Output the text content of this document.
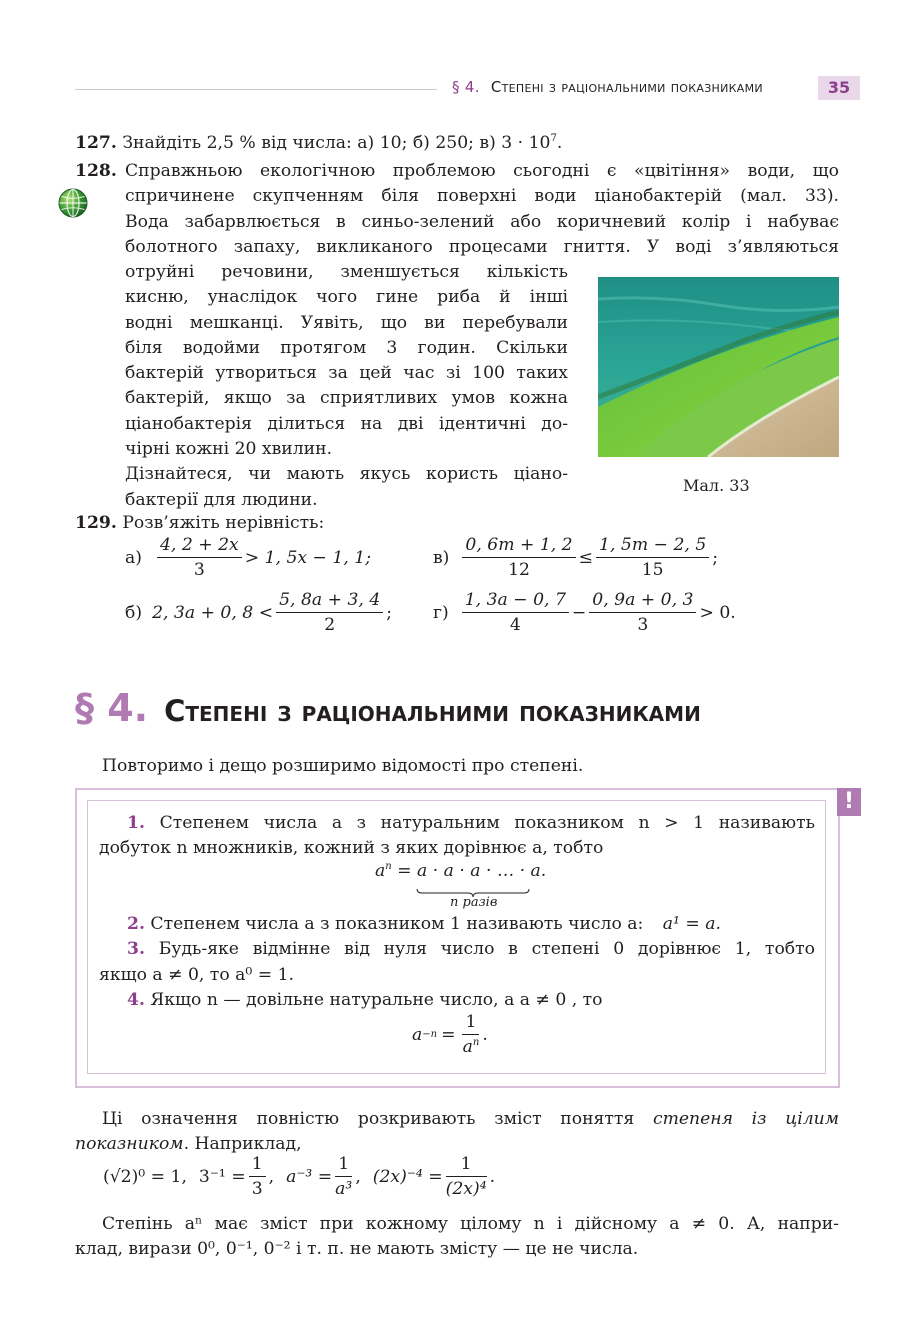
§ 4. Степені з раціональними показниками	35
127. Знайдіть 2,5 % від числа: а) 10; б) 250; в) $3 \cdot 10^7$.
128. Справжньою екологічною проблемою сьогодні є «цвітіння» води, що
спричинене скупченням біля поверхні води ціанобактерій (мал. 33).
Вода забарвлюється в синьо-зелений або коричневий колір і набуває
болотного запаху, викликаного процесами гниття. У воді з’являються
отруйні речовини, зменшується кількість
кисню, унаслідок чого гине риба й інші
водні мешканці. Уявіть, що ви перебували
біля водойми протягом 3 годин. Скільки
бактерій утвориться за цей час зі 100 таких
бактерій, якщо за сприятливих умов кожна
ціанобактерія ділиться на дві ідентичні до-
чірні кожні 20 хвилин.
Дізнайтеся, чи мають якусь користь ціано-
бактерії для людини.
Мал. 33
129. Розв’яжіть нерівність:
$а) \frac{4, 2 + 2x}{3} > 1$, 5x − 1, 1;
б) 2, 3a + 0, $8 < \frac{5, 8a + 3, 4}{2}$ ;
$в) \frac{0, 6m + 1, 2}{12} \le \frac{1, 5m - 2, 5}{15}$ ;
$г) \frac{1, 3a - 0, 7}{4} - \frac{0, 9a + 0, 3}{3} > 0$.
§ 4. Степені з раціональними показниками
Повторимо і дещо розширимо відомості про степені.
!
1. Степенем числа a з натуральним показником n > 1 називають
добуток n множників, кожний з яких дорівнює a, тобто
$a^n = a \cdot a \cdot a$ · … · a.
n разів
2. Степенем числа a з показником 1 називають число a: a¹ = a.
3. Будь-яке відмінне від нуля число в степені 0 дорівнює 1, тобто
якщо a ≠ 0, то a⁰ = 1.
4. Якщо n — довільне натуральне число, а a ≠ 0 , то
$a -n = \frac{1}{a^n}$ .
Ці означення повністю розкривають зміст поняття степеня із цілим
показником. Наприклад,
(√2)⁰ = 1, $3^{-1} = \frac{1}{3}$ , $a^{-3} = \frac{1}{\text{a³}}$ , $(2x)^{-4} = \frac{1}{\text{(2x)⁴}}$ .
Степінь aⁿ має зміст при кожному цілому n і дійсному a ≠ 0. А, напри-
клад, вирази 0⁰, 0⁻¹, 0⁻² і т. п. не мають змісту — це не числа.
